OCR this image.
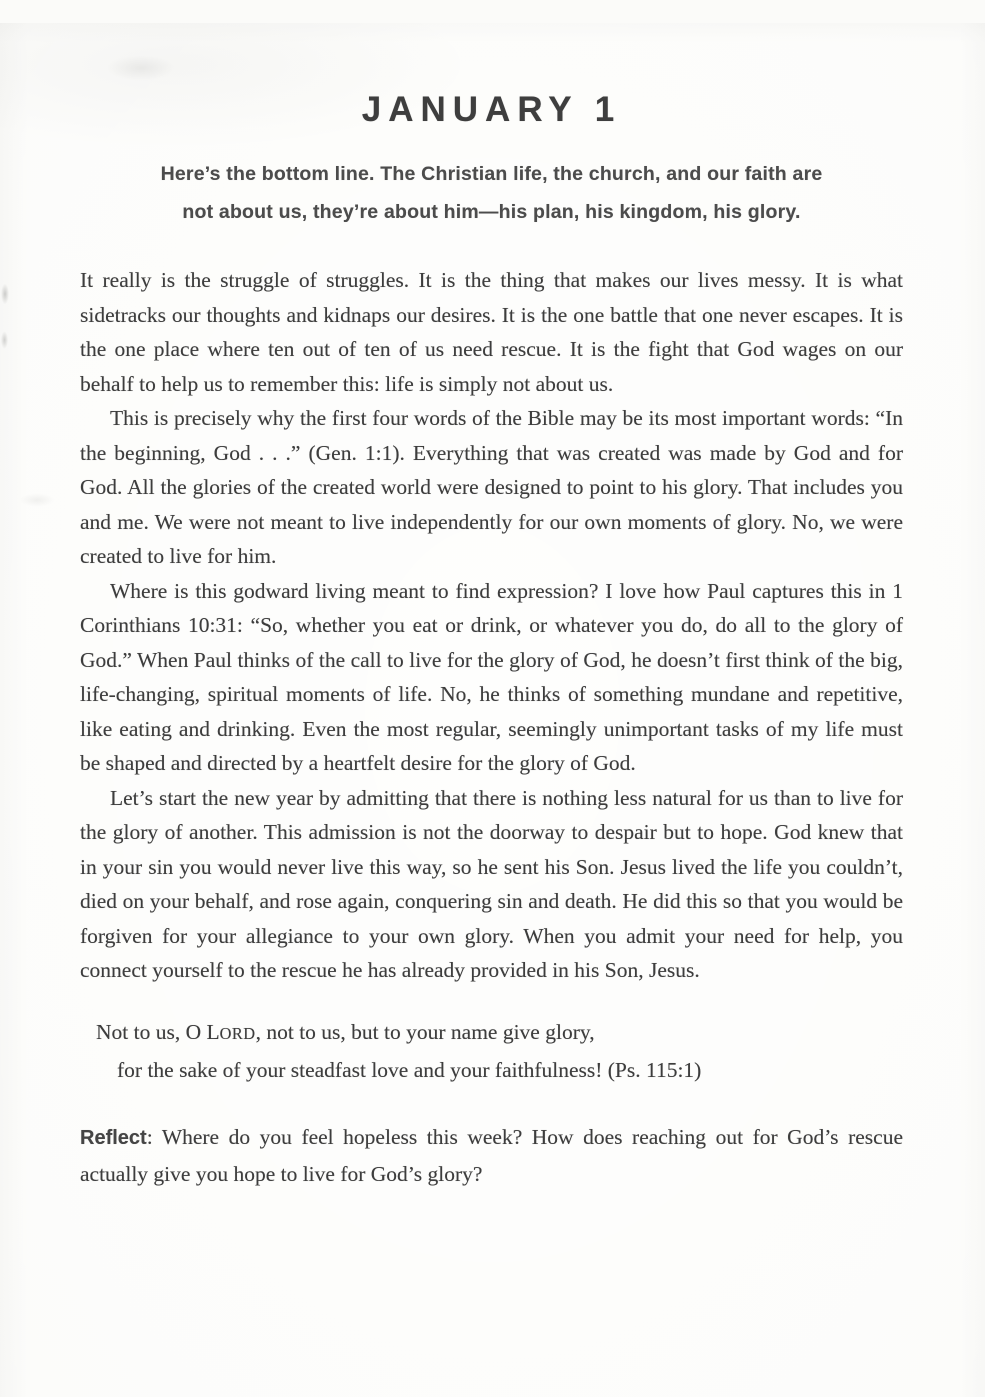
JANUARY 1
Here’s the bottom line. The Christian life, the church, and our faith are
not about us, they’re about him—his plan, his kingdom, his glory.

It really is the struggle of struggles. It is the thing that makes our lives messy. It is what sidetracks our thoughts and kidnaps our desires. It is the one battle that one never escapes. It is the one place where ten out of ten of us need rescue. It is the fight that God wages on our behalf to help us to remember this: life is simply not about us.

This is precisely why the first four words of the Bible may be its most important words: “In the beginning, God . . .” (Gen. 1:1). Everything that was created was made by God and for God. All the glories of the created world were designed to point to his glory. That includes you and me. We were not meant to live independently for our own moments of glory. No, we were created to live for him.

Where is this godward living meant to find expression? I love how Paul captures this in 1 Corinthians 10:31: “So, whether you eat or drink, or whatever you do, do all to the glory of God.” When Paul thinks of the call to live for the glory of God, he doesn’t first think of the big, life-changing, spiritual moments of life. No, he thinks of something mundane and repetitive, like eating and drinking. Even the most regular, seemingly unimportant tasks of my life must be shaped and directed by a heartfelt desire for the glory of God.

Let’s start the new year by admitting that there is nothing less natural for us than to live for the glory of another. This admission is not the doorway to despair but to hope. God knew that in your sin you would never live this way, so he sent his Son. Jesus lived the life you couldn’t, died on your behalf, and rose again, conquering sin and death. He did this so that you would be forgiven for your allegiance to your own glory. When you admit your need for help, you connect yourself to the rescue he has already provided in his Son, Jesus.

Not to us, O LORD, not to us, but to your name give glory,
for the sake of your steadfast love and your faithfulness! (Ps. 115:1)
Reflect: Where do you feel hopeless this week? How does reaching out for God’s rescue actually give you hope to live for God’s glory?
